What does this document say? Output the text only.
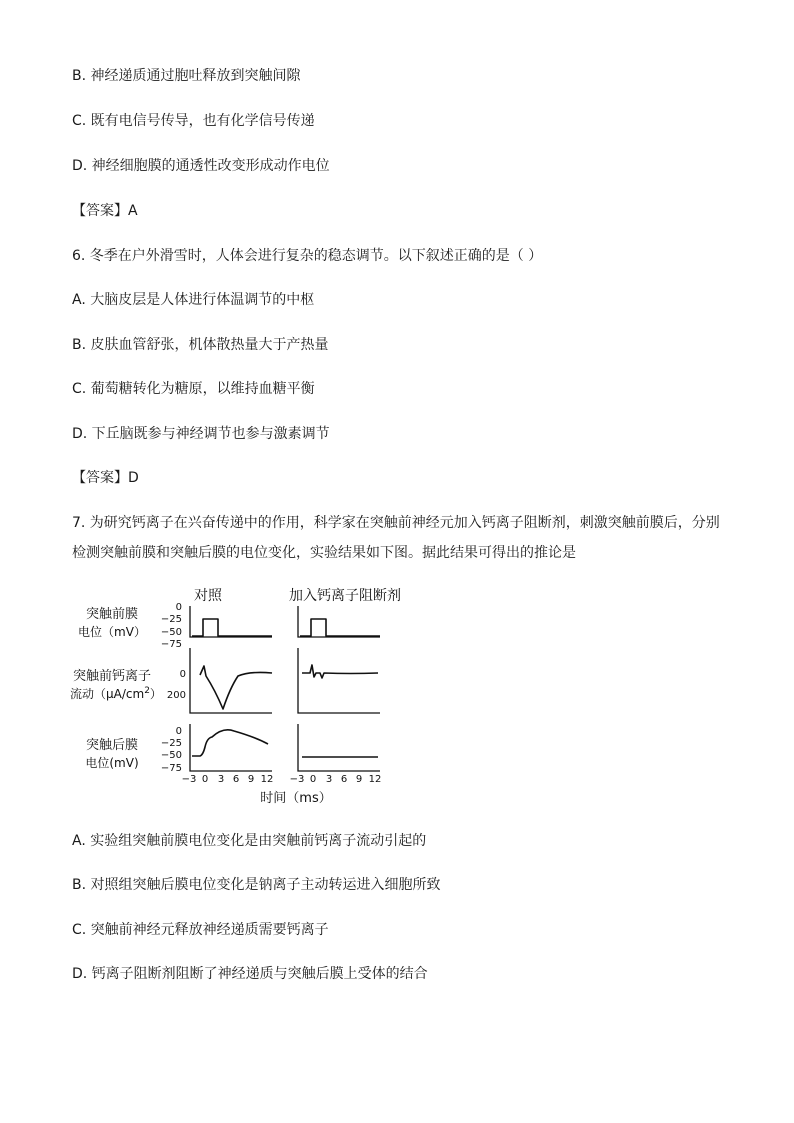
B. 神经递质通过胞吐释放到突触间隙
C. 既有电信号传导，也有化学信号传递
D. 神经细胞膜的通透性改变形成动作电位
【答案】A
6. 冬季在户外滑雪时，人体会进行复杂的稳态调节。以下叙述正确的是（ ）
A. 大脑皮层是人体进行体温调节的中枢
B. 皮肤血管舒张，机体散热量大于产热量
C. 葡萄糖转化为糖原，以维持血糖平衡
D. 下丘脑既参与神经调节也参与激素调节
【答案】D
7. 为研究钙离子在兴奋传递中的作用，科学家在突触前神经元加入钙离子阻断剂，刺激突触前膜后，分别
检测突触前膜和突触后膜的电位变化，实验结果如下图。据此结果可得出的推论是
对照	加入钙离子阻断剂
突触前膜
电位（mV）
突触前钙离子
流动$(\mu A/cm^2)$
突触后膜
电位(mV)
0
−25
−50
−75
0
200
0
−25
−50
−75
−3 0 3 6 9 12 −3 0 3 6 9 12
时间（ms）
A. 实验组突触前膜电位变化是由突触前钙离子流动引起的
B. 对照组突触后膜电位变化是钠离子主动转运进入细胞所致
C. 突触前神经元释放神经递质需要钙离子
D. 钙离子阻断剂阻断了神经递质与突触后膜上受体的结合
